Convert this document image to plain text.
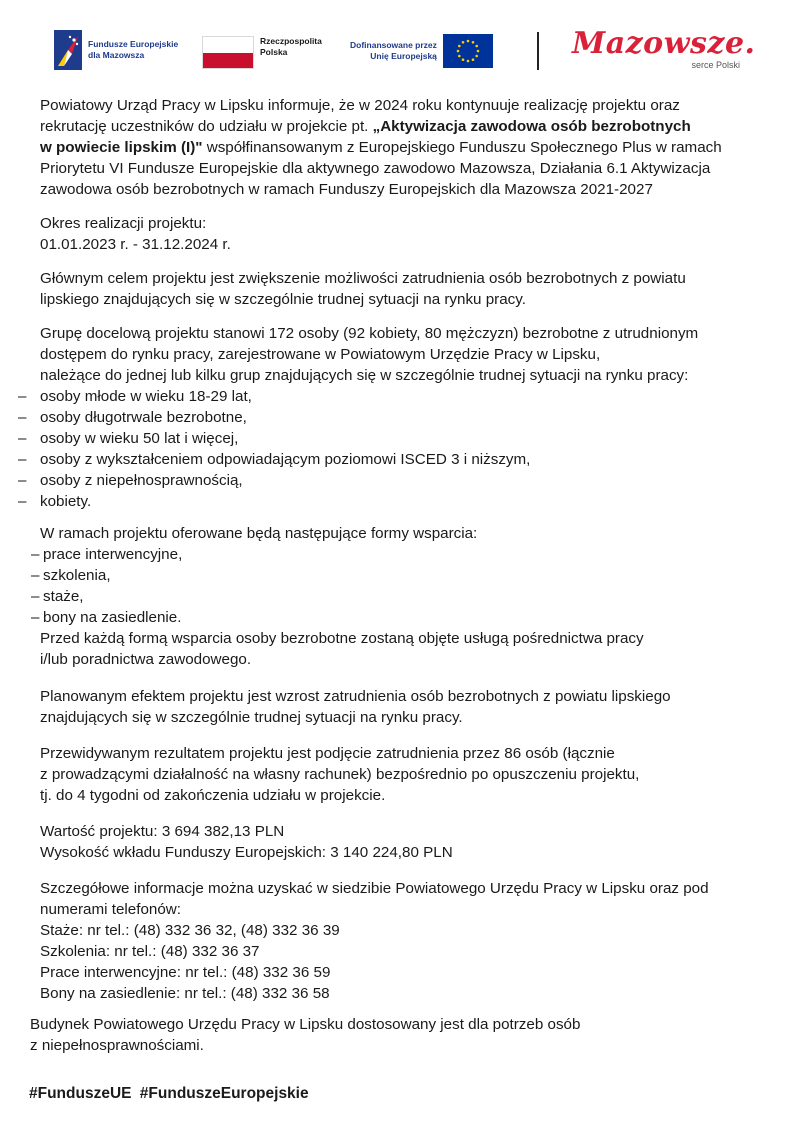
Fundusze Europejskie
dla Mazowsza
Rzeczpospolita
Polska
Dofinansowane przez
Unię Europejską	Mazowsze.
serce Polski

Powiatowy Urząd Pracy w Lipsku informuje, że w 2024 roku kontynuuje realizację projektu oraz

rekrutację uczestników do udziału w projekcie pt. „Aktywizacja zawodowa osób bezrobotnych

w powiecie lipskim (I)" współfinansowanym z Europejskiego Funduszu Społecznego Plus w ramach

Priorytetu VI Fundusze Europejskie dla aktywnego zawodowo Mazowsza, Działania 6.1 Aktywizacja

zawodowa osób bezrobotnych w ramach Funduszy Europejskich dla Mazowsza 2021-2027

Okres realizacji projektu:

01.01.2023 r. - 31.12.2024 r.

Głównym celem projektu jest zwiększenie możliwości zatrudnienia osób bezrobotnych z powiatu

lipskiego znajdujących się w szczególnie trudnej sytuacji na rynku pracy.

Grupę docelową projektu stanowi 172 osoby (92 kobiety, 80 mężczyzn) bezrobotne z utrudnionym

dostępem do rynku pracy, zarejestrowane w Powiatowym Urzędzie Pracy w Lipsku,

należące do jednej lub kilku grup znajdujących się w szczególnie trudnej sytuacji na rynku pracy:

– osoby młode w wieku 18-29 lat,

– osoby długotrwale bezrobotne,

– osoby w wieku 50 lat i więcej,

– osoby z wykształceniem odpowiadającym poziomowi ISCED 3 i niższym,

– osoby z niepełnosprawnością,

– kobiety.

W ramach projektu oferowane będą następujące formy wsparcia:

– prace interwencyjne,

– szkolenia,

– staże,

– bony na zasiedlenie.

Przed każdą formą wsparcia osoby bezrobotne zostaną objęte usługą pośrednictwa pracy

i/lub poradnictwa zawodowego.

Planowanym efektem projektu jest wzrost zatrudnienia osób bezrobotnych z powiatu lipskiego

znajdujących się w szczególnie trudnej sytuacji na rynku pracy.

Przewidywanym rezultatem projektu jest podjęcie zatrudnienia przez 86 osób (łącznie

z prowadzącymi działalność na własny rachunek) bezpośrednio po opuszczeniu projektu,

tj. do 4 tygodni od zakończenia udziału w projekcie.

Wartość projektu: 3 694 382,13 PLN

Wysokość wkładu Funduszy Europejskich: 3 140 224,80 PLN

Szczegółowe informacje można uzyskać w siedzibie Powiatowego Urzędu Pracy w Lipsku oraz pod

numerami telefonów:

Staże: nr tel.: (48) 332 36 32, (48) 332 36 39

Szkolenia: nr tel.: (48) 332 36 37

Prace interwencyjne: nr tel.: (48) 332 36 59

Bony na zasiedlenie: nr tel.: (48) 332 36 58

Budynek Powiatowego Urzędu Pracy w Lipsku dostosowany jest dla potrzeb osób

z niepełnosprawnościami.

#FunduszeUE #FunduszeEuropejskie
